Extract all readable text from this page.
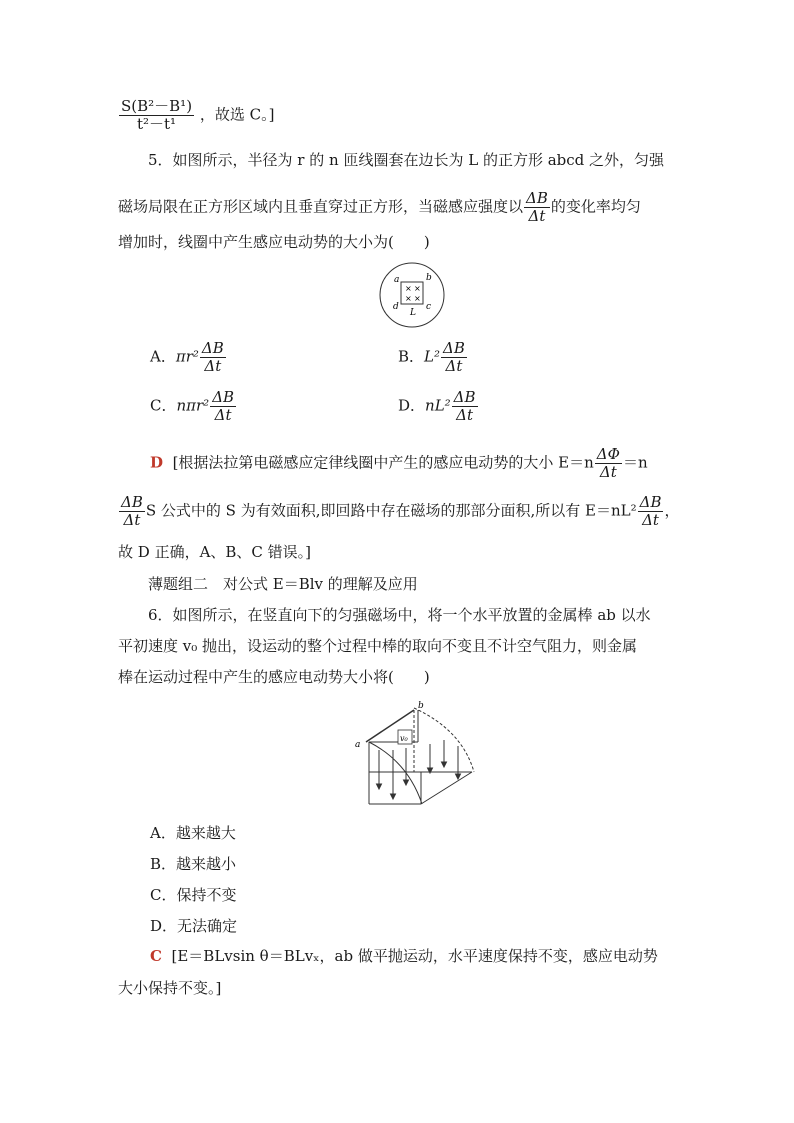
$\frac{\text{S(B²－B¹)}}{\text{t²－t¹}}$ ，故选 C。]
5．如图所示，半径为 r 的 n 匝线圈套在边长为 L 的正方形 abcd 之外，匀强
磁场局限在正方形区域内且垂直穿过正方形，当磁感应强度以 $\frac{\Delta B}{\Delta t}$ 的变化率均匀
增加时，线圈中产生感应电动势的大小为(　　)
× ×
× ×
a	b
c
d
L
A．$\pi r^2 \frac{\Delta B}{\Delta t}$	B．$L^2 \frac{\Delta B}{\Delta t}$
C．$n\pi r^2 \frac{\Delta B}{\Delta t}$	D．$nL^2 \frac{\Delta B}{\Delta t}$
D [根据法拉第电磁感应定律线圈中产生的感应电动势的大小 $E=n \frac{\Delta\Phi}{\Delta t} =n$
$\frac{\Delta B}{\Delta t}$ S 公式中的 S 为有效面积,即回路中存在磁场的那部分面积,所以有 $E=nL^2 \frac{\Delta B}{\Delta t}$ ，
故 D 正确，A、B、C 错误。]
薄题组二　对公式 E＝Blv 的理解及应用
6．如图所示，在竖直向下的匀强磁场中，将一个水平放置的金属棒 ab 以水
平初速度 v₀ 抛出，设运动的整个过程中棒的取向不变且不计空气阻力，则金属
棒在运动过程中产生的感应电动势大小将(　　)
v₀
a
b
A．越来越大
B．越来越小
C．保持不变
D．无法确定
C [E＝BLvsin θ＝BLvₓ，ab 做平抛运动，水平速度保持不变，感应电动势
大小保持不变。]
